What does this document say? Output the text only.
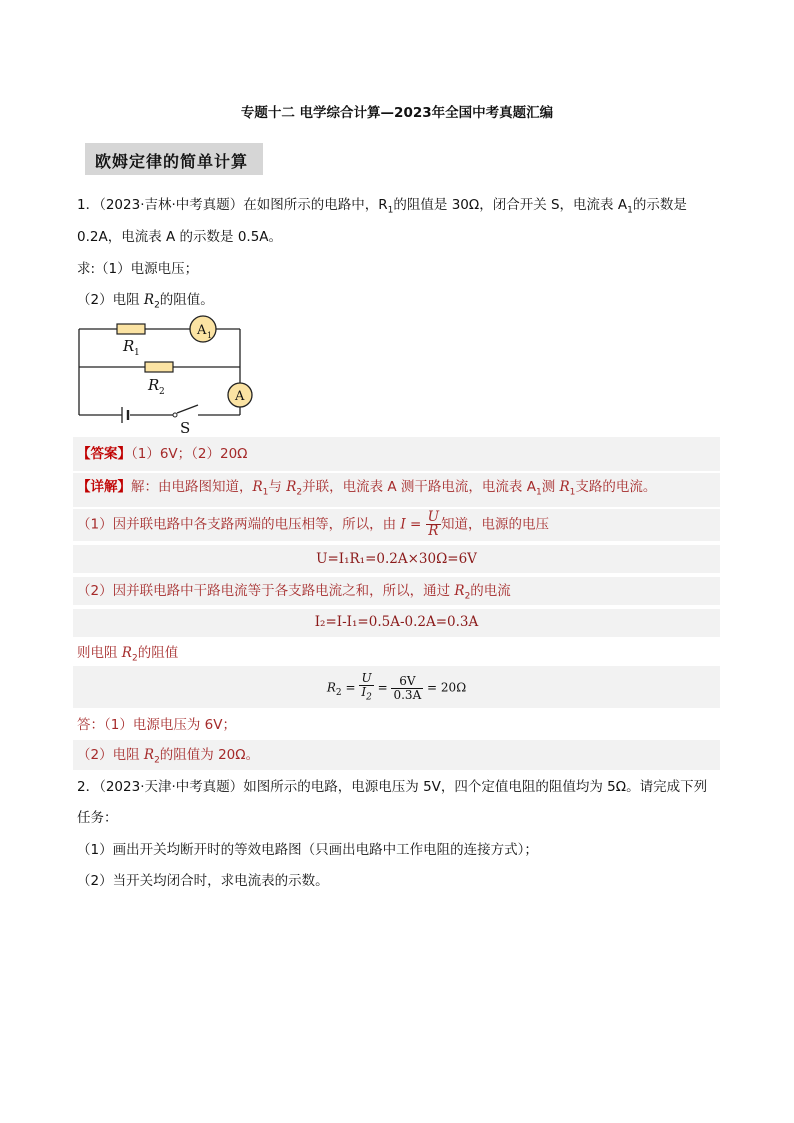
专题十二 电学综合计算—2023年全国中考真题汇编
欧姆定律的简单计算
1．（2023·吉林·中考真题）在如图所示的电路中，$R_1$的阻值是 30Ω，闭合开关 S，电流表 $A_1$的示数是
0.2A，电流表 A 的示数是 0.5A。
求:（1）电源电压；
（2）电阻 $R_2$的阻值。
A 1
A
R 1
R 2
S
【答案】（1）6V；（2）20Ω
【详解】解：由电路图知道，$R_1$与 $R_2$并联，电流表 A 测干路电流，电流表 $A_1$测 $R_1$支路的电流。
（1）因并联电路中各支路两端的电压相等，所以，由 $I = \frac{U}{R}$ 知道，电源的电压
U=I₁R₁=0.2A×30Ω=6V
（2）因并联电路中干路电流等于各支路电流之和，所以，通过 $R_2$的电流
I₂=I-I₁=0.5A-0.2A=0.3A
则电阻 $R_2$的阻值
$R_2 = \frac{U}{I_2} = \frac{6V}{0.3A} = 20\Omega$
答：（1）电源电压为 6V；
（2）电阻 $R_2$的阻值为 20Ω。
2．（2023·天津·中考真题）如图所示的电路，电源电压为 5V，四个定值电阻的阻值均为 5Ω。请完成下列
任务：
（1）画出开关均断开时的等效电路图（只画出电路中工作电阻的连接方式）；
（2）当开关均闭合时，求电流表的示数。
